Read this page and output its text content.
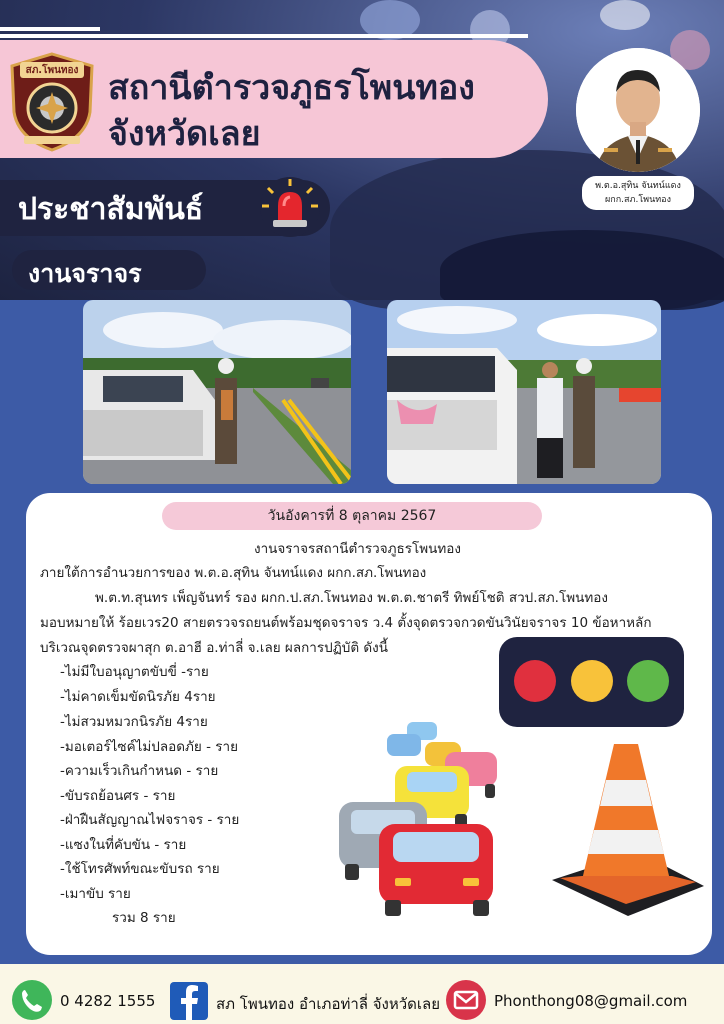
สภ.โพนทอง สถานีตำรวจภูธรโพนทอง
จังหวัดเลย
พ.ต.อ.สุทิน จันทน์แดง
ผกก.สภ.โพนทอง
ประชาสัมพันธ์
งานจราจร
วันอังคารที่ 8 ตุลาคม 2567
งานจราจรสถานีตำรวจภูธรโพนทอง
ภายใต้การอำนวยการของ พ.ต.อ.สุทิน จันทน์แดง ผกก.สภ.โพนทอง
พ.ต.ท.สุนทร เพ็ญจันทร์ รอง ผกก.ป.สภ.โพนทอง พ.ต.ต.ชาตรี ทิพย์โชติ สวป.สภ.โพนทอง
มอบหมายให้ ร้อยเวร20 สายตรวจรถยนต์พร้อมชุดจราจร ว.4 ตั้งจุดตรวจกวดขันวินัยจราจร 10 ข้อหาหลัก
บริเวณจุดตรวจผาสุก ต.อาฮี อ.ท่าลี่ จ.เลย ผลการปฏิบัติ ดังนี้
-ไม่มีใบอนุญาตขับขี่ -ราย
-ไม่คาดเข็มขัดนิรภัย 4ราย
-ไม่สวมหมวกนิรภัย 4ราย
-มอเตอร์ไซค์ไม่ปลอดภัย - ราย
-ความเร็วเกินกำหนด - ราย
-ขับรถย้อนศร - ราย
-ฝ่าฝืนสัญญาณไฟจราจร - ราย
-แซงในที่คับขัน - ราย
-ใช้โทรศัพท์ขณะขับรถ ราย
-เมาขับ ราย
รวม 8 ราย
0 4282 1555	สภ โพนทอง อำเภอท่าลี่ จังหวัดเลย	Phonthong08@gmail.com
